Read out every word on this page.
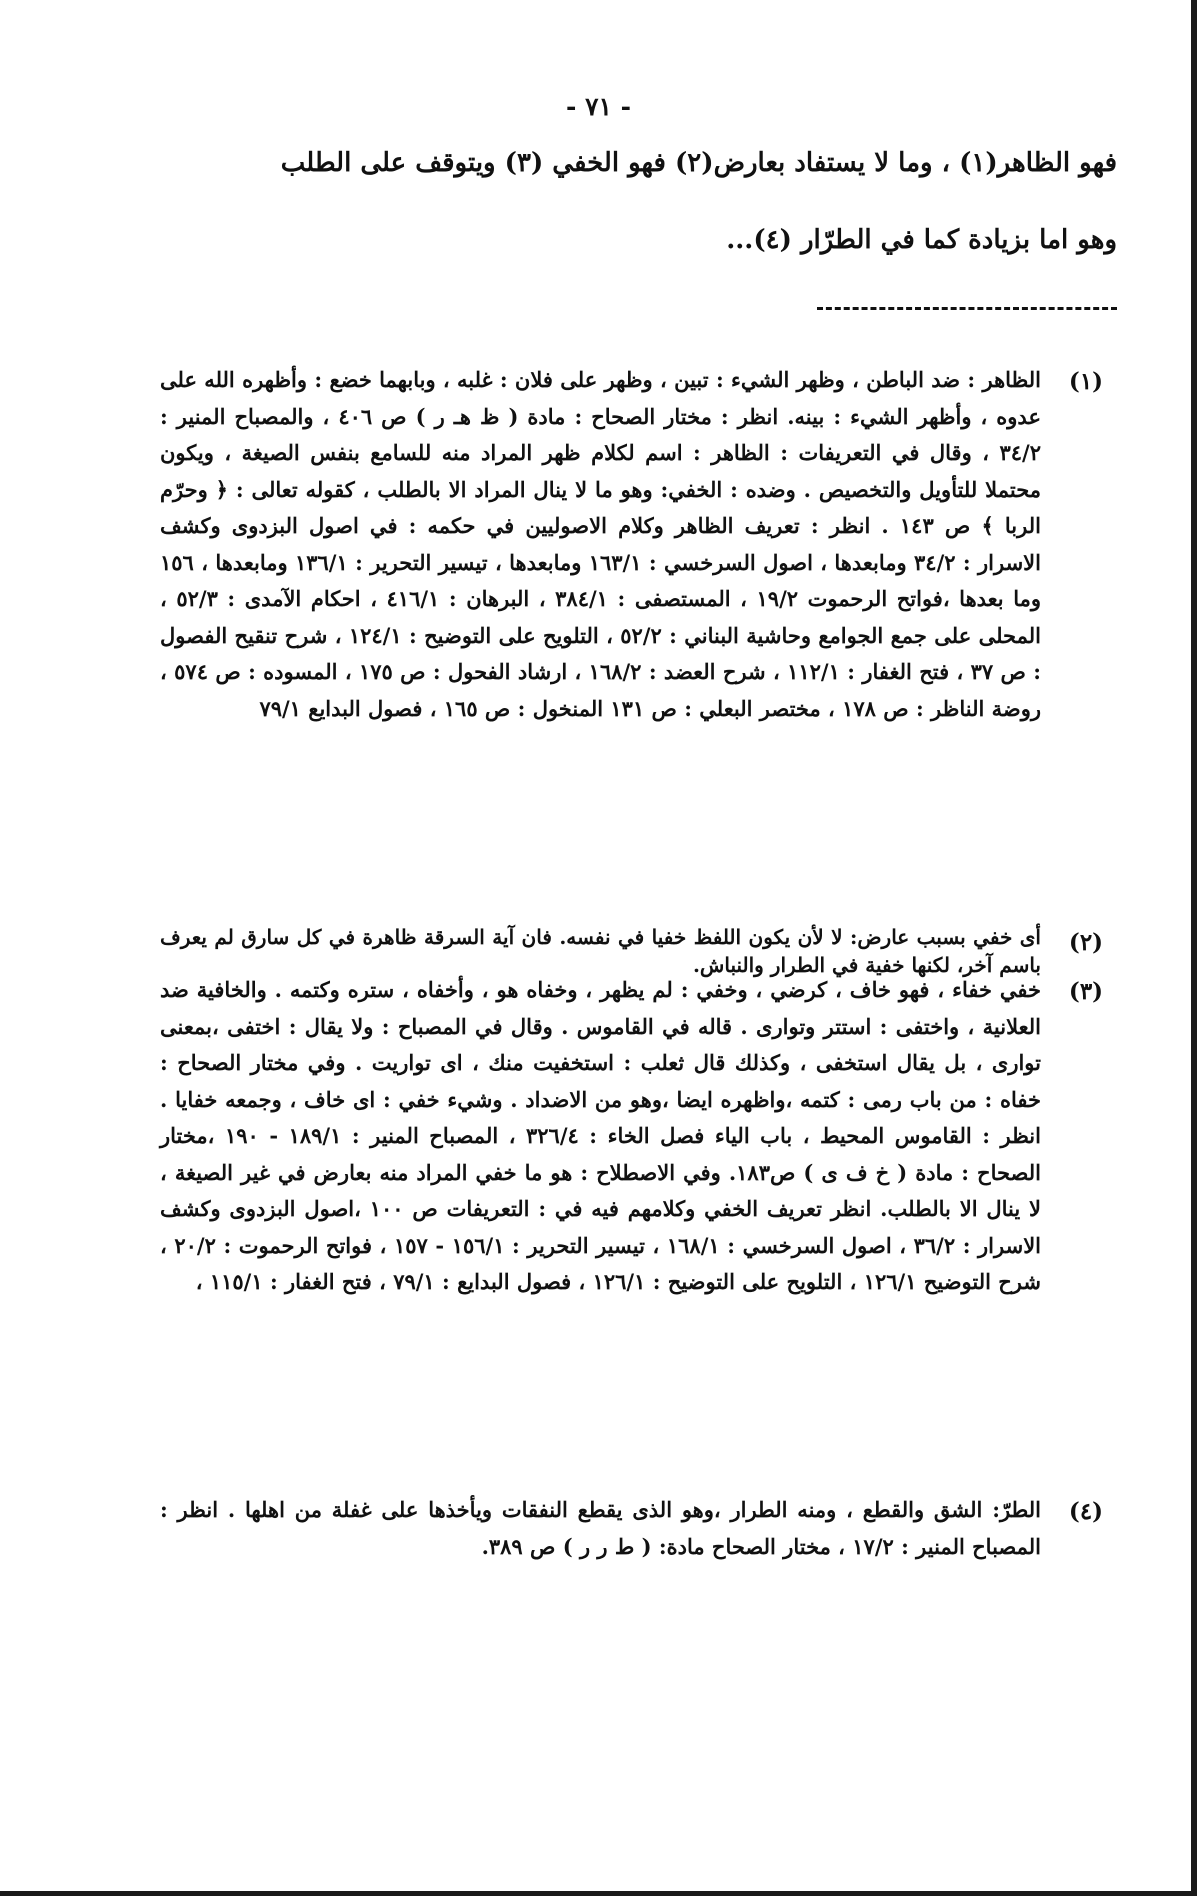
- ٧١ -
فهو الظاهر(١) ، وما لا يستفاد بعارض(٢) فهو الخفي (٣) ويتوقف على الطلب
وهو اما بزيادة كما في الطرّار (٤)...
(١)
الظاهر : ضد الباطن ، وظهر الشيء : تبين ، وظهر على فلان : غلبه ، وبابهما خضع : وأظهره الله على عدوه ، وأظهر الشيء : بينه. انظر : مختار الصحاح : مادة ( ظ هـ ر ) ص ٤٠٦ ، والمصباح المنير : ٣٤/٢ ، وقال في التعريفات : الظاهر : اسم لكلام ظهر المراد منه للسامع بنفس الصيغة ، ويكون محتملا للتأويل والتخصيص . وضده : الخفي: وهو ما لا ينال المراد الا بالطلب ، كقوله تعالى : ﴿ وحرّم الربا ﴾ ص ١٤٣ . انظر : تعريف الظاهر وكلام الاصوليين في حكمه : في اصول البزدوى وكشف الاسرار : ٣٤/٢ ومابعدها ، اصول السرخسي : ١٦٣/١ ومابعدها ، تيسير التحرير : ١٣٦/١ ومابعدها ، ١٥٦ وما بعدها ،فواتح الرحموت ١٩/٢ ، المستصفى : ٣٨٤/١ ، البرهان : ٤١٦/١ ، احكام الآمدى : ٥٢/٣ ، المحلى على جمع الجوامع وحاشية البناني : ٥٢/٢ ، التلويح على التوضيح : ١٢٤/١ ، شرح تنقيح الفصول : ص ٣٧ ، فتح الغفار : ١١٢/١ ، شرح العضد : ١٦٨/٢ ، ارشاد الفحول : ص ١٧٥ ، المسوده : ص ٥٧٤ ، روضة الناظر : ص ١٧٨ ، مختصر البعلي : ص ١٣١ المنخول : ص ١٦٥ ، فصول البدايع ٧٩/١
(٢)
أى خفي بسبب عارض: لا لأن يكون اللفظ خفيا في نفسه. فان آية السرقة ظاهرة في كل سارق لم يعرف باسم آخر، لكنها خفية في الطرار والنباش.
(٣)
خفي خفاء ، فهو خاف ، كرضي ، وخفي : لم يظهر ، وخفاه هو ، وأخفاه ، ستره وكتمه . والخافية ضد العلانية ، واختفى : استتر وتوارى . قاله في القاموس . وقال في المصباح : ولا يقال : اختفى ،بمعنى توارى ، بل يقال استخفى ، وكذلك قال ثعلب : استخفيت منك ، اى تواريت . وفي مختار الصحاح : خفاه : من باب رمى : كتمه ،واظهره ايضا ،وهو من الاضداد . وشيء خفي : اى خاف ، وجمعه خفايا . انظر : القاموس المحيط ، باب الياء فصل الخاء : ٣٢٦/٤ ، المصباح المنير : ١٨٩/١ - ١٩٠ ،مختار الصحاح : مادة ( خ ف ى ) ص١٨٣. وفي الاصطلاح : هو ما خفي المراد منه بعارض في غير الصيغة ، لا ينال الا بالطلب. انظر تعريف الخفي وكلامهم فيه في : التعريفات ص ١٠٠ ،اصول البزدوى وكشف الاسرار : ٣٦/٢ ، اصول السرخسي : ١٦٨/١ ، تيسير التحرير : ١٥٦/١ - ١٥٧ ، فواتح الرحموت : ٢٠/٢ ، شرح التوضيح ١٢٦/١ ، التلويح على التوضيح : ١٢٦/١ ، فصول البدايع : ٧٩/١ ، فتح الغفار : ١١٥/١ ،
(٤)
الطرّ: الشق والقطع ، ومنه الطرار ،وهو الذى يقطع النفقات ويأخذها على غفلة من اهلها . انظر : المصباح المنير : ١٧/٢ ، مختار الصحاح مادة: ( ط ر ر ) ص ٣٨٩.
